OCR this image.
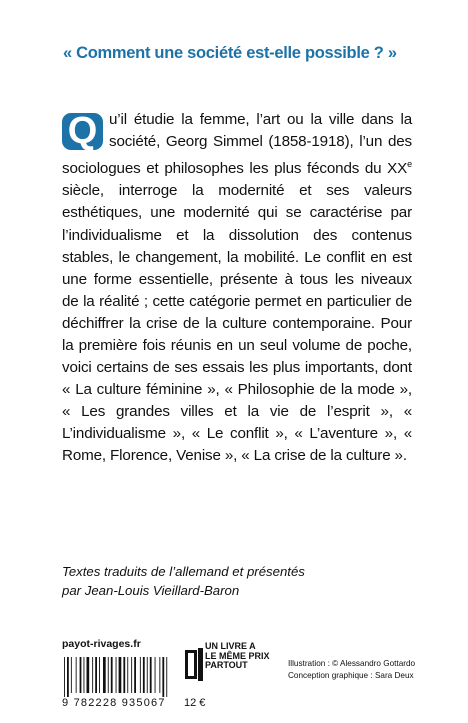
« Comment une société est-elle possible ? »
Q u’il étudie la femme, l’art ou la ville dans la société, Georg Simmel (1858-1918), l’un des sociologues et philosophes les plus féconds du XXe siècle, interroge la modernité et ses valeurs esthétiques, une modernité qui se caractérise par l’individualisme et la dissolution des contenus stables, le changement, la mobilité. Le conflit en est une forme essentielle, présente à tous les niveaux de la réalité ; cette catégorie permet en particulier de déchiffrer la crise de la culture contemporaine. Pour la première fois réunis en un seul volume de poche, voici certains de ses essais les plus importants, dont « La culture féminine », « Philosophie de la mode », « Les grandes villes et la vie de l’esprit », « L’individualisme », « Le conflit », « L’aventure », « Rome, Florence, Venise », « La crise de la culture ».

Textes traduits de l’allemand et présentés
par Jean-Louis Vieillard-Baron
payot-rivages.fr
9 782228 935067 12 €
UN LIVRE A
LE MÊME PRIX
PARTOUT	Illustration : © Alessandro Gottardo
Conception graphique : Sara Deux
